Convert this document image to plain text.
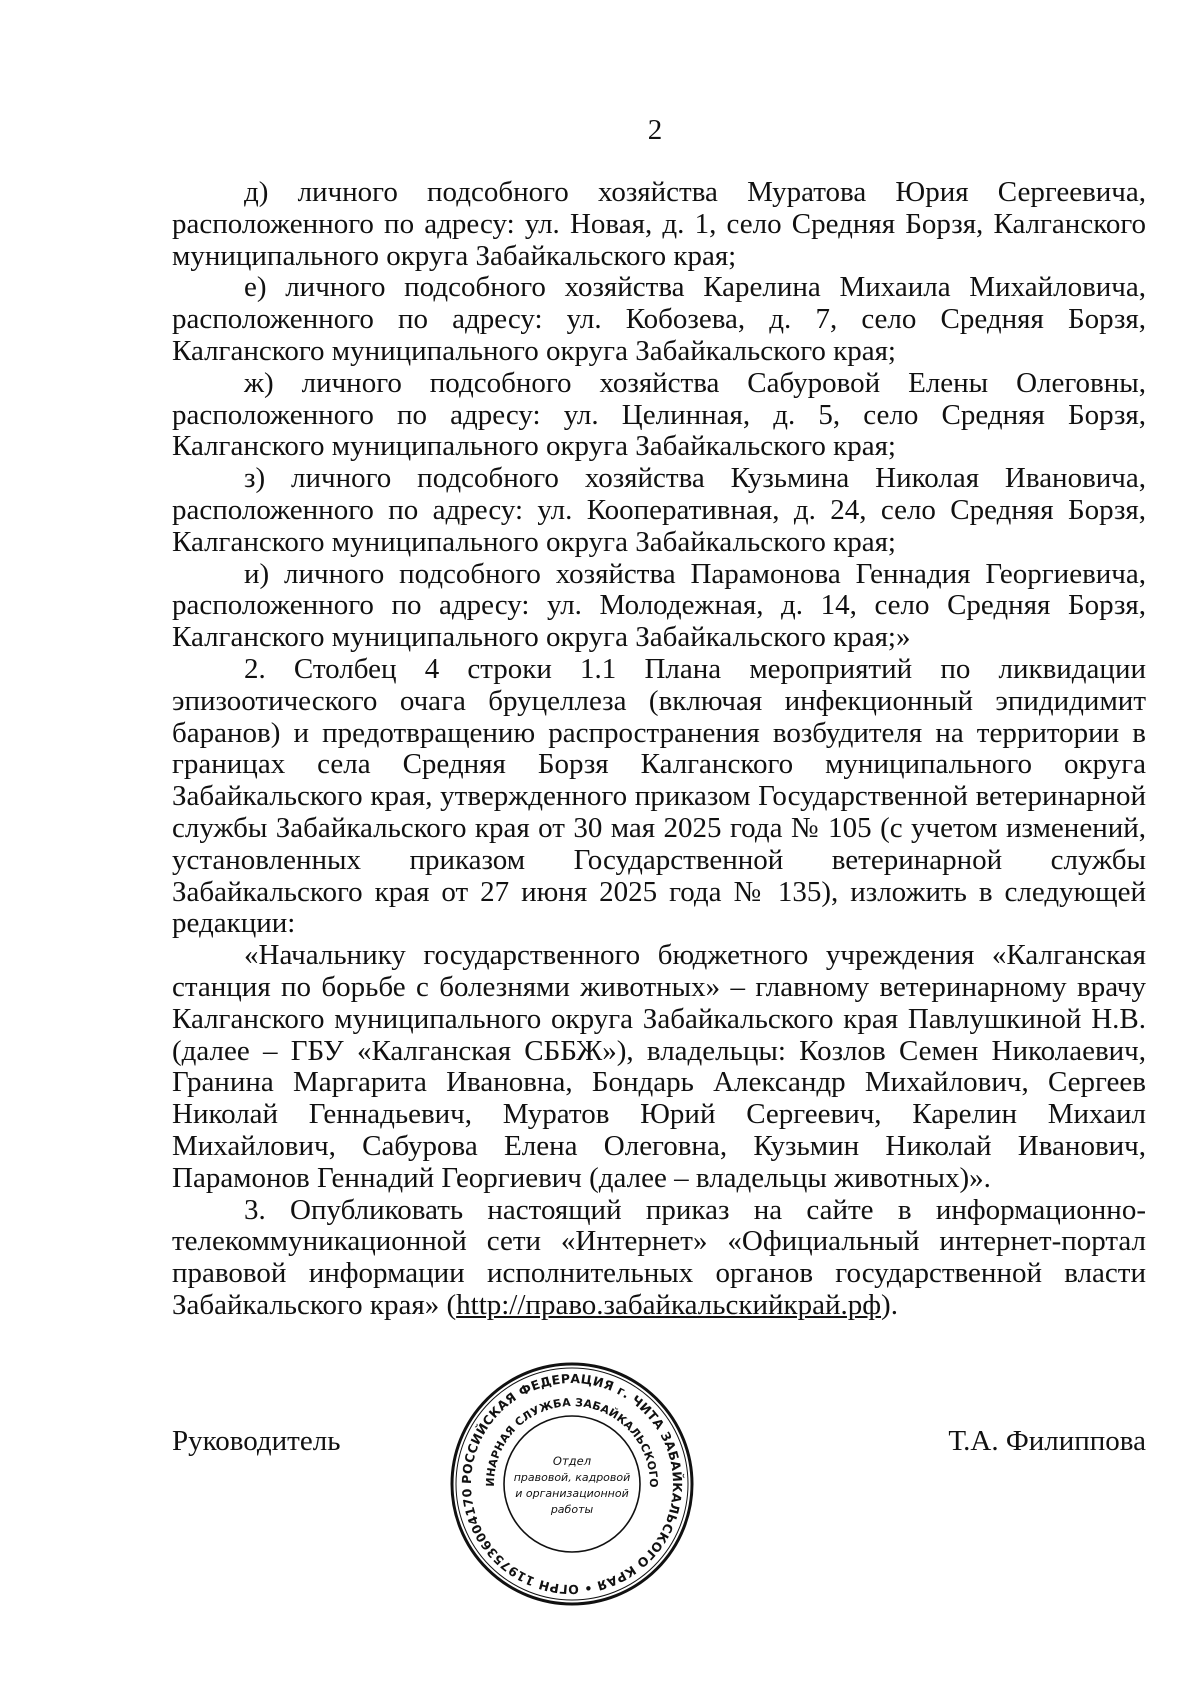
2

д) личного подсобного хозяйства Муратова Юрия Сергеевича, расположенного по адресу: ул. Новая, д. 1, село Средняя Борзя, Калганского муниципального округа Забайкальского края;

е) личного подсобного хозяйства Карелина Михаила Михайловича, расположенного по адресу: ул. Кобозева, д. 7, село Средняя Борзя, Калганского муниципального округа Забайкальского края;

ж) личного подсобного хозяйства Сабуровой Елены Олеговны, расположенного по адресу: ул. Целинная, д. 5, село Средняя Борзя, Калганского муниципального округа Забайкальского края;

з) личного подсобного хозяйства Кузьмина Николая Ивановича, расположенного по адресу: ул. Кооперативная, д. 24, село Средняя Борзя, Калганского муниципального округа Забайкальского края;

и) личного подсобного хозяйства Парамонова Геннадия Георгиевича, расположенного по адресу: ул. Молодежная, д. 14, село Средняя Борзя, Калганского муниципального округа Забайкальского края;»

2. Столбец 4 строки 1.1 Плана мероприятий по ликвидации эпизоотического очага бруцеллеза (включая инфекционный эпидидимит баранов) и предотвращению распространения возбудителя на территории в границах села Средняя Борзя Калганского муниципального округа Забайкальского края, утвержденного приказом Государственной ветеринарной службы Забайкальского края от 30 мая 2025 года № 105 (с учетом изменений, установленных приказом Государственной ветеринарной службы Забайкальского края от 27 июня 2025 года № 135), изложить в следующей редакции:

«Начальнику государственного бюджетного учреждения «Калганская станция по борьбе с болезнями животных» – главному ветеринарному врачу Калганского муниципального округа Забайкальского края Павлушкиной Н.В. (далее – ГБУ «Калганская СББЖ»), владельцы: Козлов Семен Николаевич, Гранина Маргарита Ивановна, Бондарь Александр Михайлович, Сергеев Николай Геннадьевич, Муратов Юрий Сергеевич, Карелин Михаил Михайлович, Сабурова Елена Олеговна, Кузьмин Николай Иванович, Парамонов Геннадий Георгиевич (далее – владельцы животных)».

3. Опубликовать настоящий приказ на сайте в информационно-телекоммуникационной сети «Интернет» «Официальный интернет-портал правовой информации исполнительных органов государственной власти Забайкальского края» (http://право.забайкальскийкрай.рф).

Руководитель	Т.А. Филиппова
РОССИЙСКАЯ ФЕДЕРАЦИЯ г. ЧИТА ЗАБАЙКАЛЬСКОГО КРАЯ • ОГРН 1197536004170
ИНАРНАЯ СЛУЖБА ЗАБАЙКАЛЬСКОГО
Отдел
правовой, кадровой
и организационной
работы
